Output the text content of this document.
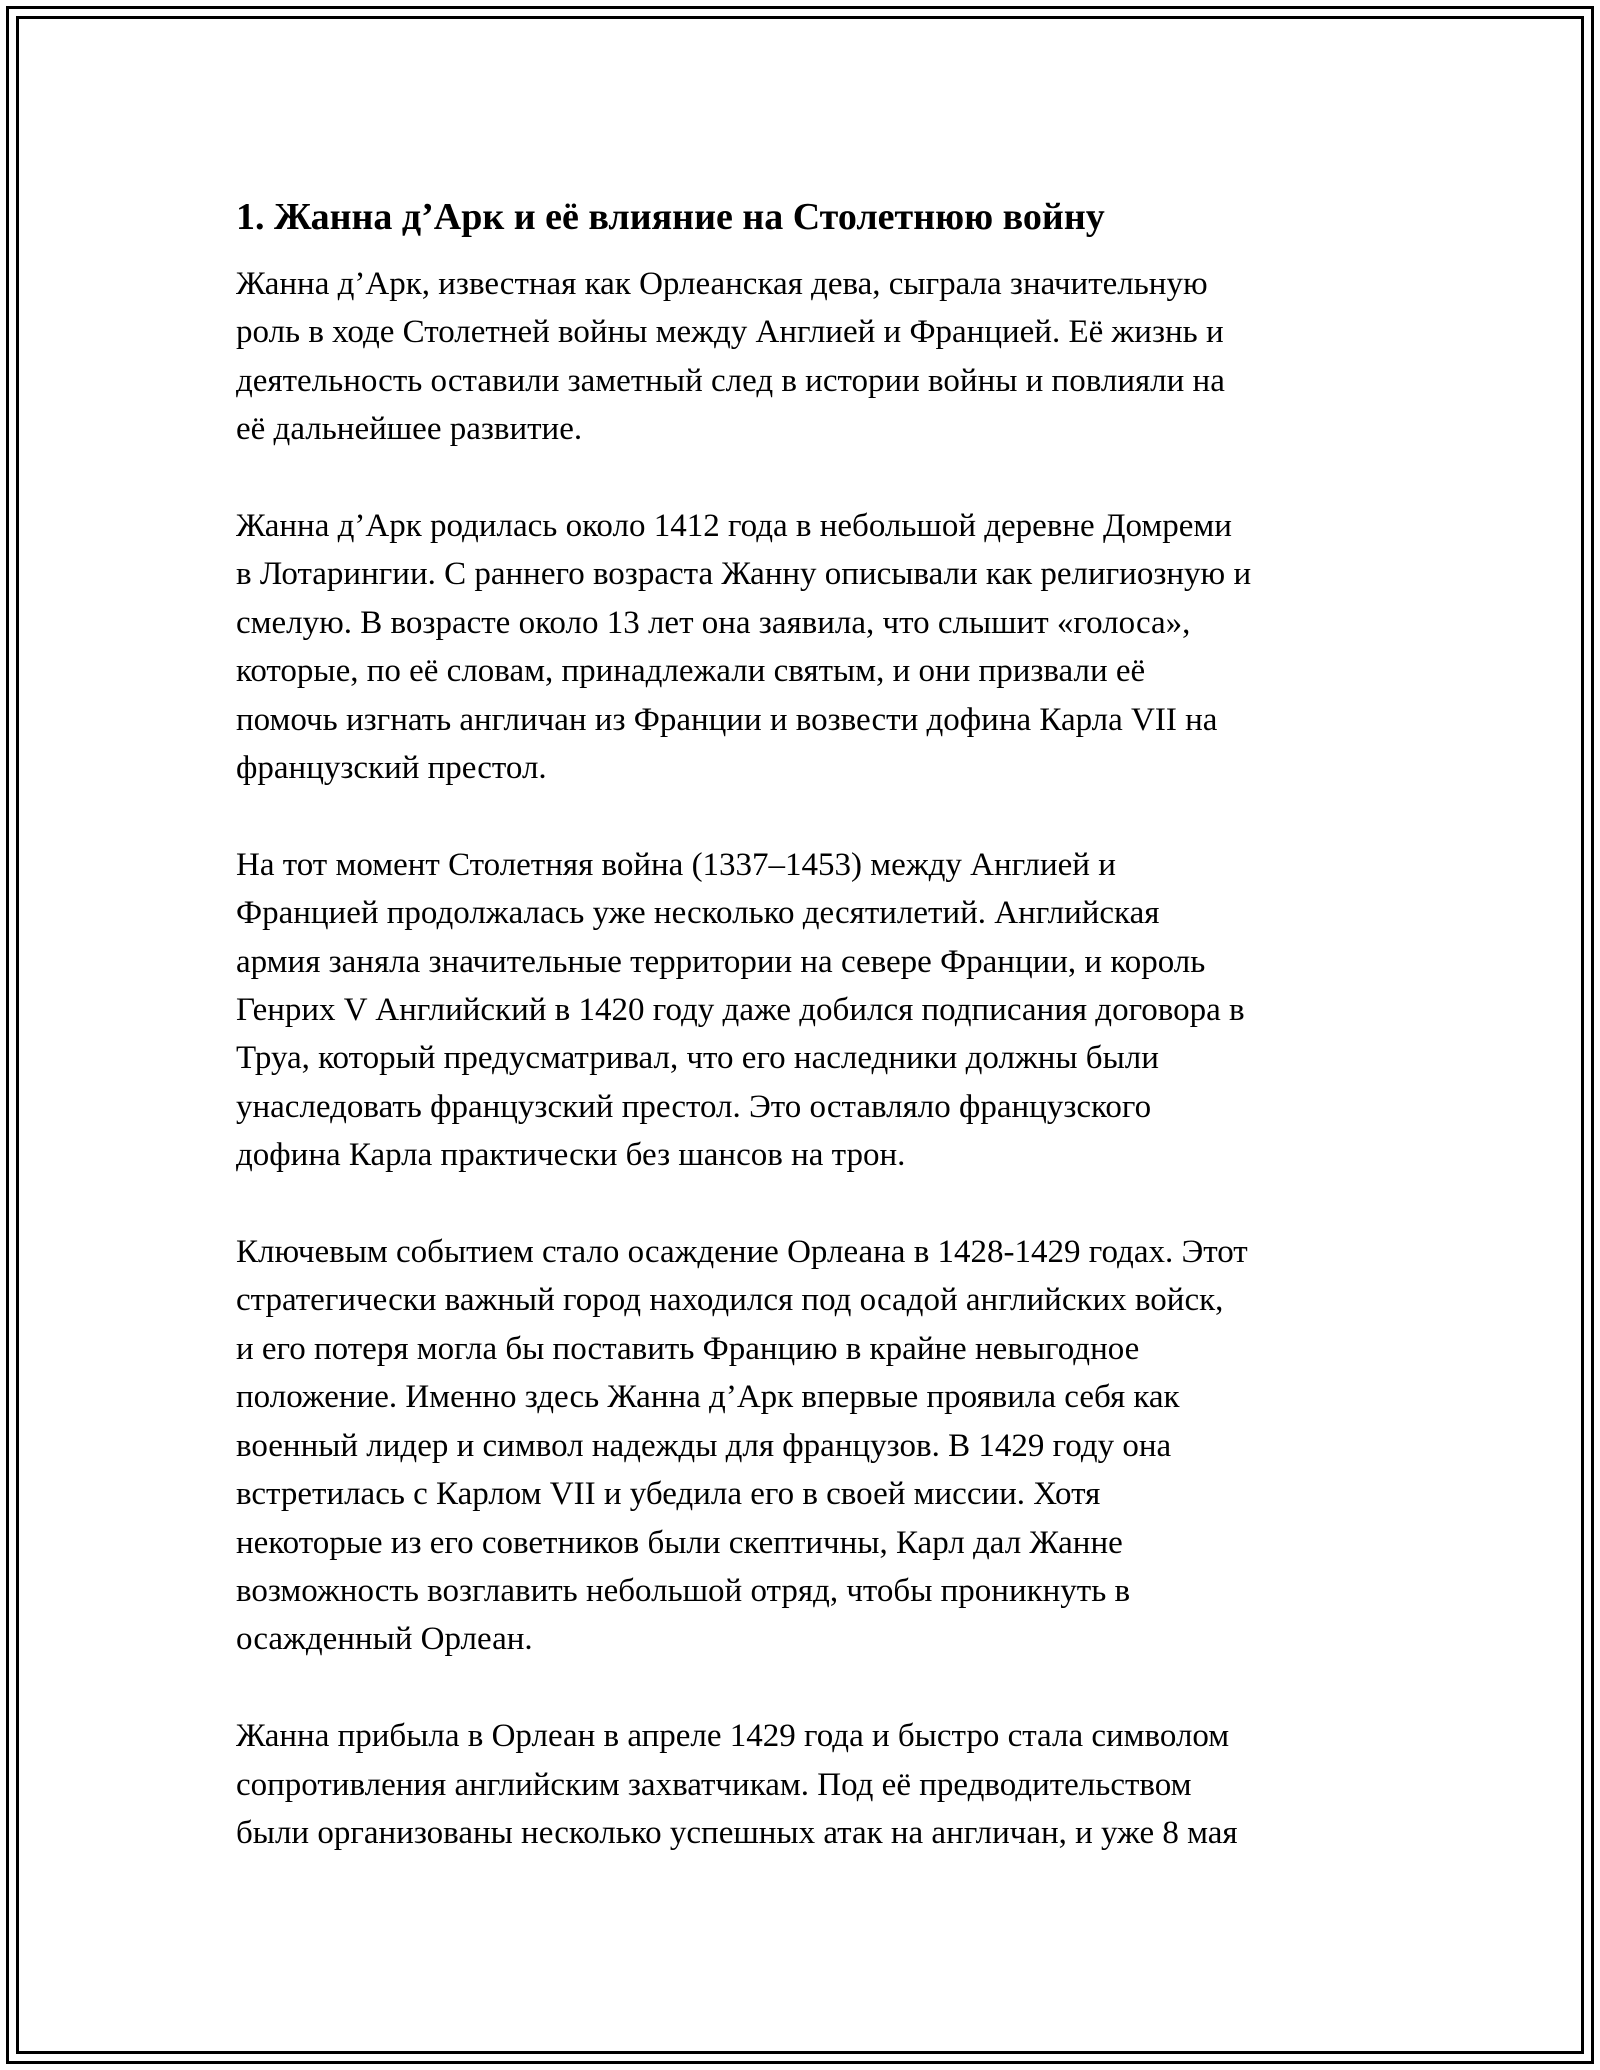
1. Жанна д’Арк и её влияние на Столетнюю войну
Жанна д’Арк, известная как Орлеанская дева, сыграла значительную
роль в ходе Столетней войны между Англией и Францией. Её жизнь и
деятельность оставили заметный след в истории войны и повлияли на
её дальнейшее развитие.
Жанна д’Арк родилась около 1412 года в небольшой деревне Домреми
в Лотарингии. С раннего возраста Жанну описывали как религиозную и
смелую. В возрасте около 13 лет она заявила, что слышит «голоса»,
которые, по её словам, принадлежали святым, и они призвали её
помочь изгнать англичан из Франции и возвести дофина Карла VII на
французский престол.
На тот момент Столетняя война (1337–1453) между Англией и
Францией продолжалась уже несколько десятилетий. Английская
армия заняла значительные территории на севере Франции, и король
Генрих V Английский в 1420 году даже добился подписания договора в
Труа, который предусматривал, что его наследники должны были
унаследовать французский престол. Это оставляло французского
дофина Карла практически без шансов на трон.
Ключевым событием стало осаждение Орлеана в 1428-1429 годах. Этот
стратегически важный город находился под осадой английских войск,
и его потеря могла бы поставить Францию в крайне невыгодное
положение. Именно здесь Жанна д’Арк впервые проявила себя как
военный лидер и символ надежды для французов. В 1429 году она
встретилась с Карлом VII и убедила его в своей миссии. Хотя
некоторые из его советников были скептичны, Карл дал Жанне
возможность возглавить небольшой отряд, чтобы проникнуть в
осажденный Орлеан.
Жанна прибыла в Орлеан в апреле 1429 года и быстро стала символом
сопротивления английским захватчикам. Под её предводительством
были организованы несколько успешных атак на англичан, и уже 8 мая
